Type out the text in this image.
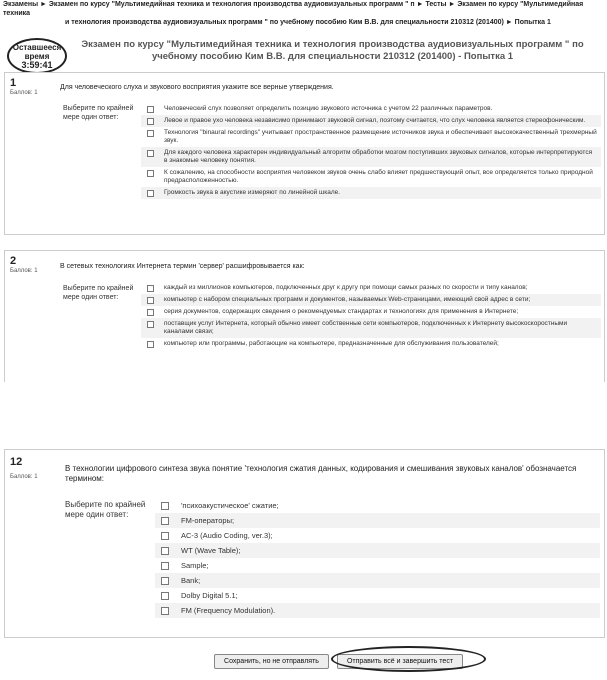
Экзамены ► Экзамен по курсу "Мультимедийная техника и технология производства аудиовизуальных программ " п ► Тесты ► Экзамен по курсу "Мультимедийная техника
и технология производства аудиовизуальных программ " по учебному пособию Ким В.В. для специальности 210312 (201400) ► Попытка 1
Экзамен по курсу "Мультимедийная техника и технология производства аудиовизуальных программ " по учебному пособию Ким В.В. для специальности 210312 (201400) - Попытка 1
Оставшееся
время
3:59:41
1
Баллов: 1
Для человеческого слуха и звукового восприятия укажите все верные утверждения.
Выберите по крайней мере один ответ:
Человеческий слух позволяет определить позицию звукового источника с учетом 22 различных параметров.
Левое и правое ухо человека независимо принимают звуковой сигнал, поэтому считается, что слух человека является стереофоническим.
Технология "binaural recordings" учитывает пространственное размещение источников звука и обеспечивает высококачественный трехмерный звук.
Для каждого человека характерен индивидуальный алгоритм обработки мозгом поступивших звуковых сигналов, которые интерпретируются в знакомые человеку понятия.
К сожалению, на способности восприятия человеком звуков очень слабо влияет предшествующий опыт, все определяется только природной предрасположенностью.
Громкость звука в акустике измеряют по линейной шкале.
2
Баллов: 1
В сетевых технологиях Интернета термин 'сервер' расшифровывается как:
Выберите по крайней мере один ответ:
каждый из миллионов компьютеров, подключенных друг к другу при помощи самых разных по скорости и типу каналов;
компьютер с набором специальных программ и документов, называемых Web-страницами, имеющий свой адрес в сети;
серия документов, содержащих сведения о рекомендуемых стандартах и технологиях для применения в Интернете;
поставщик услуг Интернета, который обычно имеет собственные сети компьютеров, подключенных к Интернету высокоскоростными каналами связи;
компьютер или программы, работающие на компьютере, предназначенные для обслуживания пользователей;
12
Баллов: 1
В технологии цифрового синтеза звука понятие 'технология сжатия данных, кодирования и смешивания звуковых каналов' обозначается термином:
Выберите по крайней мере один ответ:
'психоакустическое' сжатие;
FM-операторы;
AC-3 (Audio Coding, ver.3);
WT (Wave Table);
Sample;
Bank;
Dolby Digital 5.1;
FM (Frequency Modulation).
Сохранить, но не отправлять	Отправить всё и завершить тест
